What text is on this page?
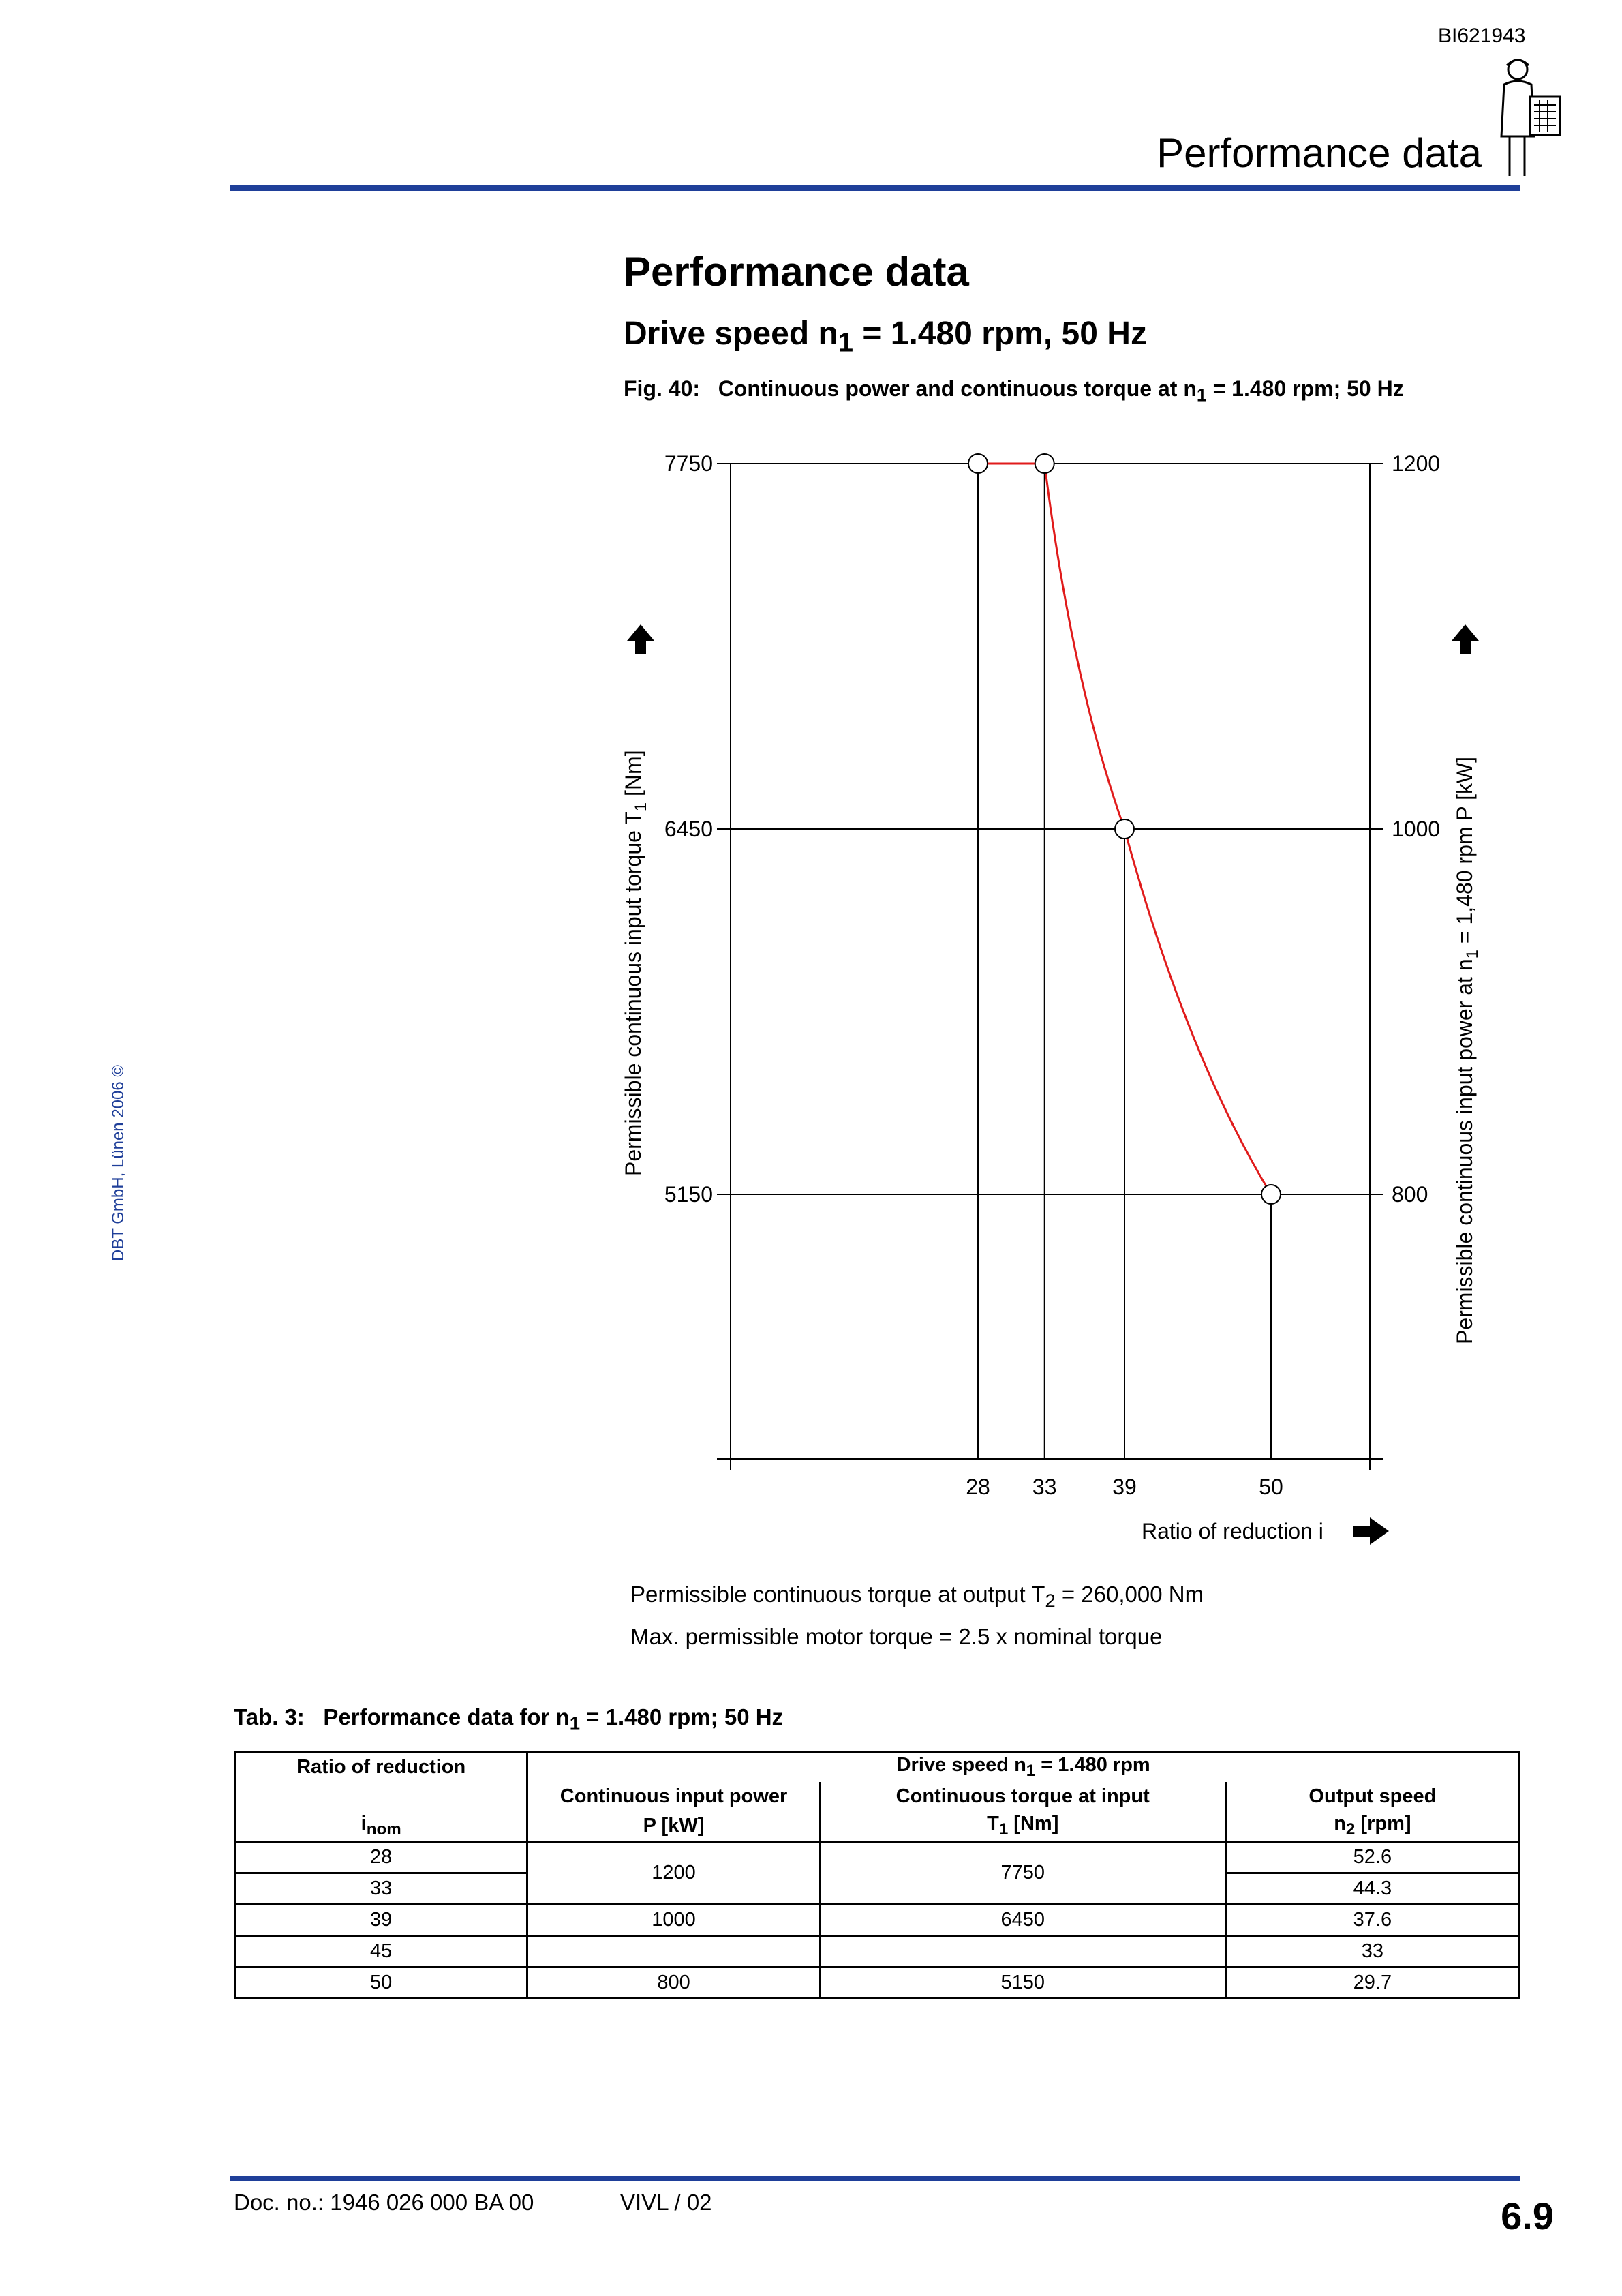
BI621943
Performance data
DBT GmbH, Lünen 2006 ©
Performance data
Drive speed $n_1 = 1.480$ rpm, 50 Hz
Fig. 40: Continuous power and continuous torque at $n_1 = 1.480$ rpm; 50 Hz
7750	1200
6450	1000
5150	800
28 33	39	50
Permissible continuous input torque $T_1$ [Nm]
Permissible continuous input power at $n_1 = 1,480$ rpm P [kW]
Ratio of reduction i
Permissible continuous torque at output $T_2 = 260,000$ Nm
Max. permissible motor torque = 2.5 x nominal torque
Tab. 3: Performance data for $n_1 = 1.480$ rpm; 50 Hz
Ratio of reduction	Drive speed $n_1 = 1.480$ rpm		
	Continuous input power	Continuous torque at input	Output speed
$i_{nom}$	P [kW]	$T_1$ [Nm]	$n_2$ [rpm]
28	1200	7750	52.6
33			44.3
39	1000	6450	37.6
45			33
50	800	5150	29.7
Doc. no.: 1946 026 000 BA 00	VIVL / 02	6.9
